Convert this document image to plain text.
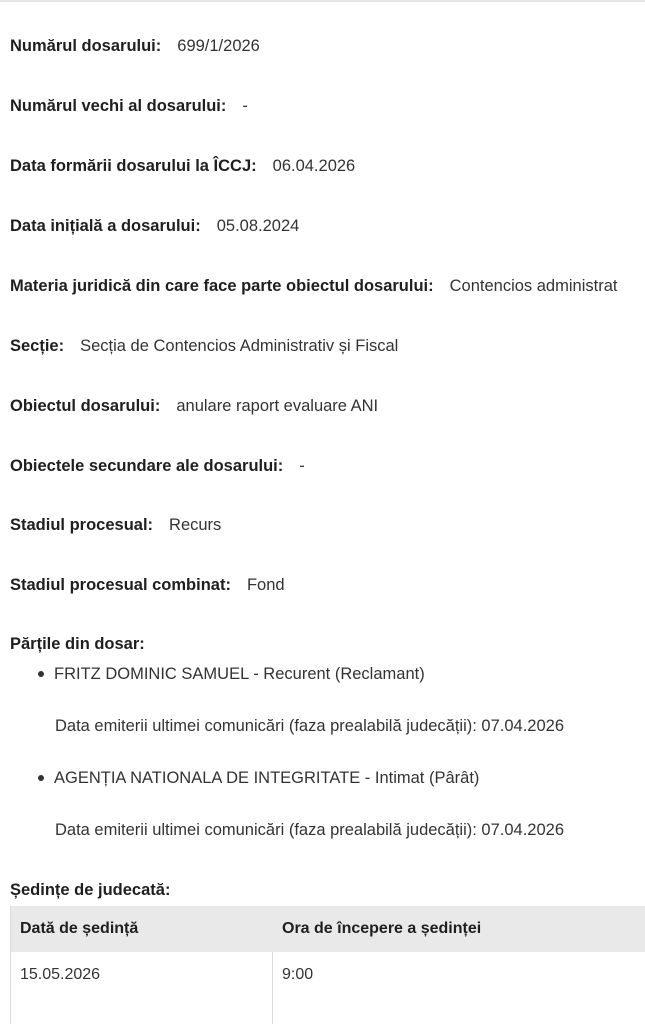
Numărul dosarului: 699/1/2026
Numărul vechi al dosarului: -
Data formării dosarului la ÎCCJ: 06.04.2026
Data inițială a dosarului: 05.08.2024
Materia juridică din care face parte obiectul dosarului: Contencios administrat
Secție: Secția de Contencios Administrativ și Fiscal
Obiectul dosarului: anulare raport evaluare ANI
Obiectele secundare ale dosarului: -
Stadiul procesual: Recurs
Stadiul procesual combinat: Fond
Părțile din dosar:
FRITZ DOMINIC SAMUEL - Recurent (Reclamant)
Data emiterii ultimei comunicări (faza prealabilă judecății): 07.04.2026
AGENȚIA NATIONALA DE INTEGRITATE - Intimat (Pârât)
Data emiterii ultimei comunicări (faza prealabilă judecății): 07.04.2026
Ședințe de judecată:
Dată de ședință	Ora de începere a ședinței
15.05.2026	9:00
